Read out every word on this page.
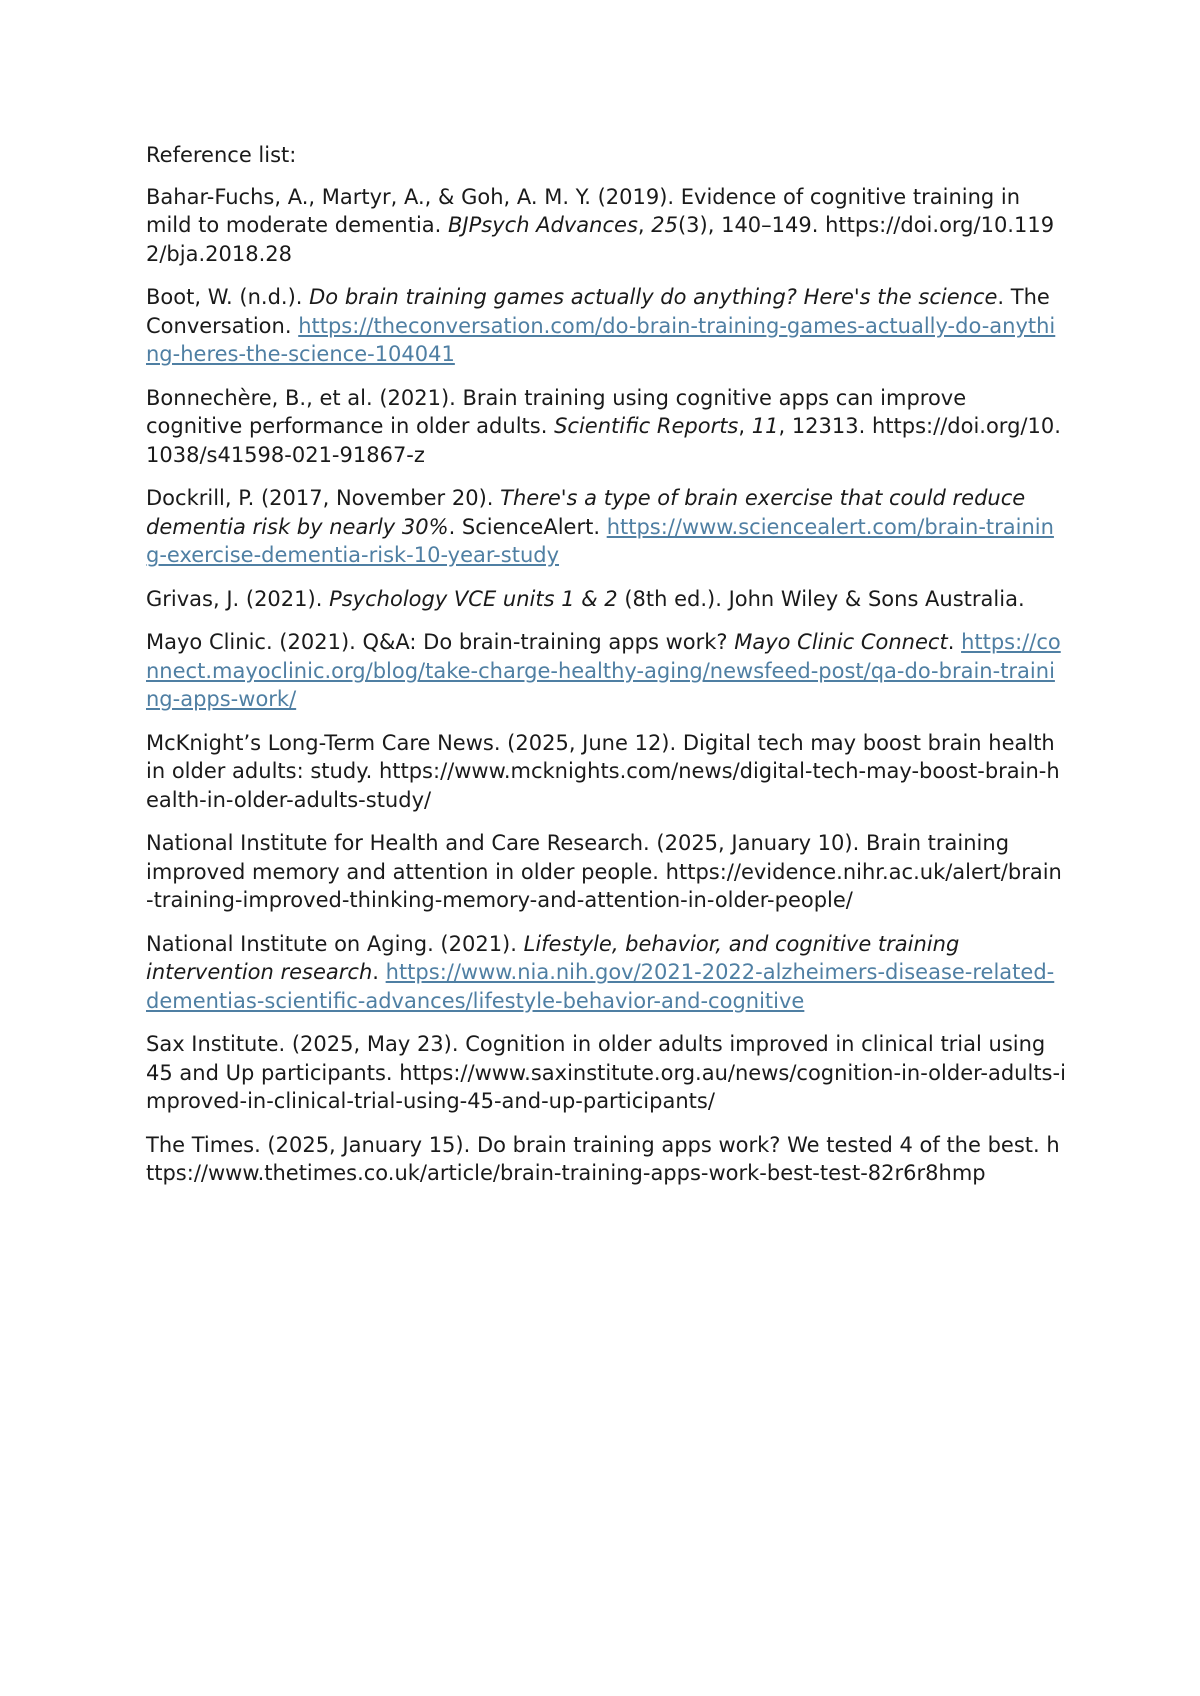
Reference list:

Bahar-Fuchs, A., Martyr, A., & Goh, A. M. Y. (2019). Evidence of cognitive training in mild to moderate dementia. BJPsych Advances, 25(3), 140–149. https://doi.org/10.1192/bja.2018.28

Boot, W. (n.d.). Do brain training games actually do anything? Here's the science. The Conversation. https://theconversation.com/do-brain-training-games-actually-do-anything-heres-the-science-104041

Bonnechère, B., et al. (2021). Brain training using cognitive apps can improve cognitive performance in older adults. Scientific Reports, 11, 12313. https://doi.org/10.1038/s41598-021-91867-z

Dockrill, P. (2017, November 20). There's a type of brain exercise that could reduce dementia risk by nearly 30%. ScienceAlert. https://www.sciencealert.com/brain-training-exercise-dementia-risk-10-year-study

Grivas, J. (2021). Psychology VCE units 1 & 2 (8th ed.). John Wiley & Sons Australia.

Mayo Clinic. (2021). Q&A: Do brain-training apps work? Mayo Clinic Connect. https://connect.mayoclinic.org/blog/take-charge-healthy-aging/newsfeed-post/qa-do-brain-training-apps-work/

McKnight’s Long-Term Care News. (2025, June 12). Digital tech may boost brain health in older adults: study. https://www.mcknights.com/news/digital-tech-may-boost-brain-health-in-older-adults-study/

National Institute for Health and Care Research. (2025, January 10). Brain training improved memory and attention in older people. https://evidence.nihr.ac.uk/alert/brain-training-improved-thinking-memory-and-attention-in-older-people/

National Institute on Aging. (2021). Lifestyle, behavior, and cognitive training intervention research. https://www.nia.nih.gov/2021-2022-alzheimers-disease-related-dementias-scientific-advances/lifestyle-behavior-and-cognitive

Sax Institute. (2025, May 23). Cognition in older adults improved in clinical trial using 45 and Up participants. https://www.saxinstitute.org.au/news/cognition-in-older-adults-improved-in-clinical-trial-using-45-and-up-participants/

The Times. (2025, January 15). Do brain training apps work? We tested 4 of the best. https://www.thetimes.co.uk/article/brain-training-apps-work-best-test-82r6r8hmp
